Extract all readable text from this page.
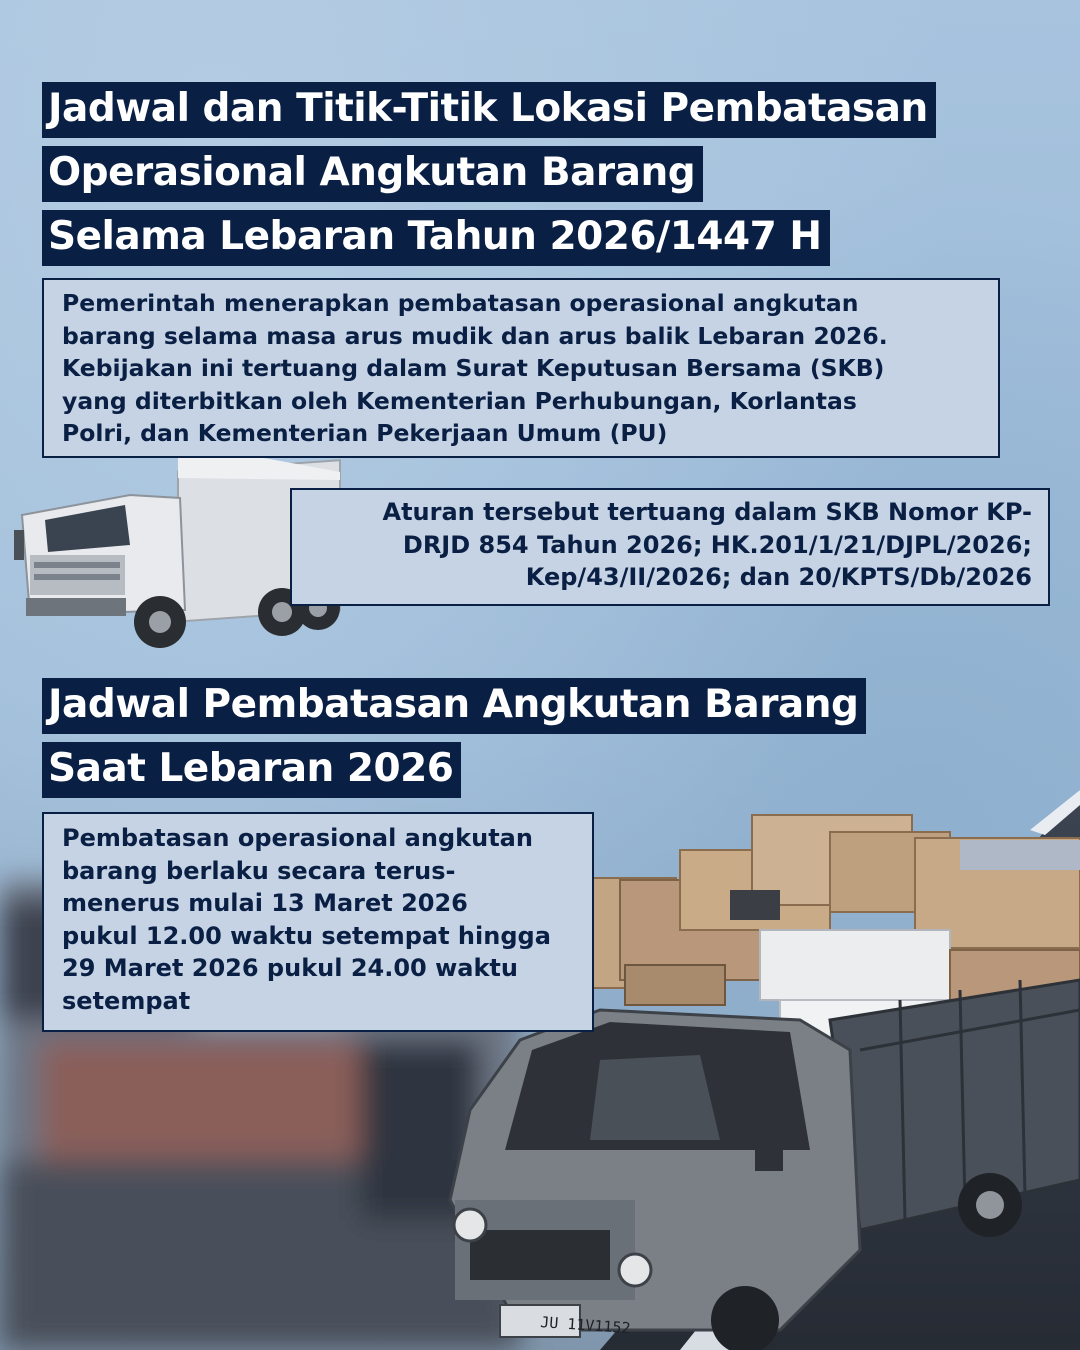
JU 11V1152
Jadwal dan Titik-Titik Lokasi Pembatasan
Operasional Angkutan Barang
Selama Lebaran Tahun 2026/1447 H
Pemerintah menerapkan pembatasan operasional angkutan
barang selama masa arus mudik dan arus balik Lebaran 2026.
Kebijakan ini tertuang dalam Surat Keputusan Bersama (SKB)
yang diterbitkan oleh Kementerian Perhubungan, Korlantas
Polri, dan Kementerian Pekerjaan Umum (PU)
Aturan tersebut tertuang dalam SKB Nomor KP-
DRJD 854 Tahun 2026; HK.201/1/21/DJPL/2026;
Kep/43/II/2026; dan 20/KPTS/Db/2026
Jadwal Pembatasan Angkutan Barang
Saat Lebaran 2026
Pembatasan operasional angkutan
barang berlaku secara terus-
menerus mulai 13 Maret 2026
pukul 12.00 waktu setempat hingga
29 Maret 2026 pukul 24.00 waktu
setempat
